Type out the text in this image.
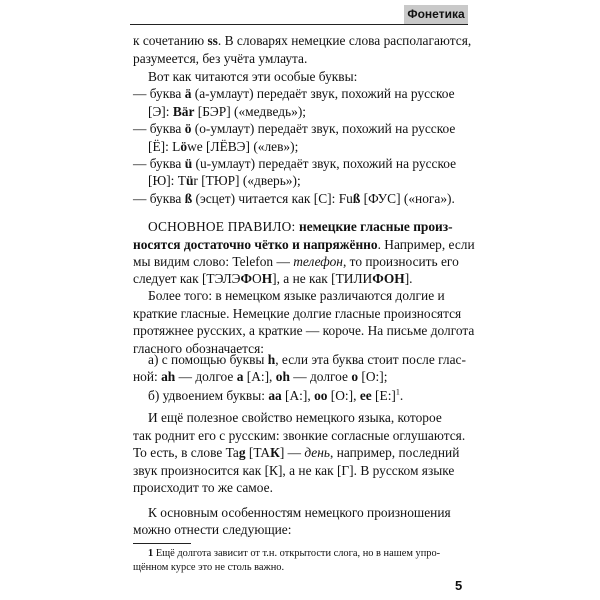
Фонетика
к сочетанию ss. В словарях немецкие слова располагаются,
разумеется, без учёта умлаута.
Вот как читаются эти особые буквы:
— буква ä (а-умлаут) передаёт звук, похожий на русское
[Э]: Bär [БЭР] («медведь»);
— буква ö (о-умлаут) передаёт звук, похожий на русское
[Ё]: Löwe [ЛЁВЭ] («лев»);
— буква ü (u-умлаут) передаёт звук, похожий на русское
[Ю]: Tür [ТЮР] («дверь»);
— буква ß (эсцет) читается как [С]: Fuß [ФУС] («нога»).
ОСНОВНОЕ ПРАВИЛО: немецкие гласные произ-
носятся достаточно чётко и напряжённо. Например, если
мы видим слово: Telefon — телефон, то произносить его
следует как [ТЭЛЭФОН], а не как [ТИЛИФОН].
Более того: в немецком языке различаются долгие и
краткие гласные. Немецкие долгие гласные произносятся
протяжнее русских, а краткие — короче. На письме долгота
гласного обозначается:
а) с помощью буквы h, если эта буква стоит после глас-
ной: ah — долгое a [A:], oh — долгое o [O:];
б) удвоением буквы: aa [A:], oo [O:], ee [E:]$^1$.
И ещё полезное свойство немецкого языка, которое
так роднит его с русским: звонкие согласные оглушаются.
То есть, в слове Tag [TAК] — день, например, последний
звук произносится как [К], а не как [Г]. В русском языке
происходит то же самое.
К основным особенностям немецкого произношения
можно отнести следующие:
1 Ещё долгота зависит от т.н. открытости слога, но в нашем упро-
щённом курсе это не столь важно.
5
